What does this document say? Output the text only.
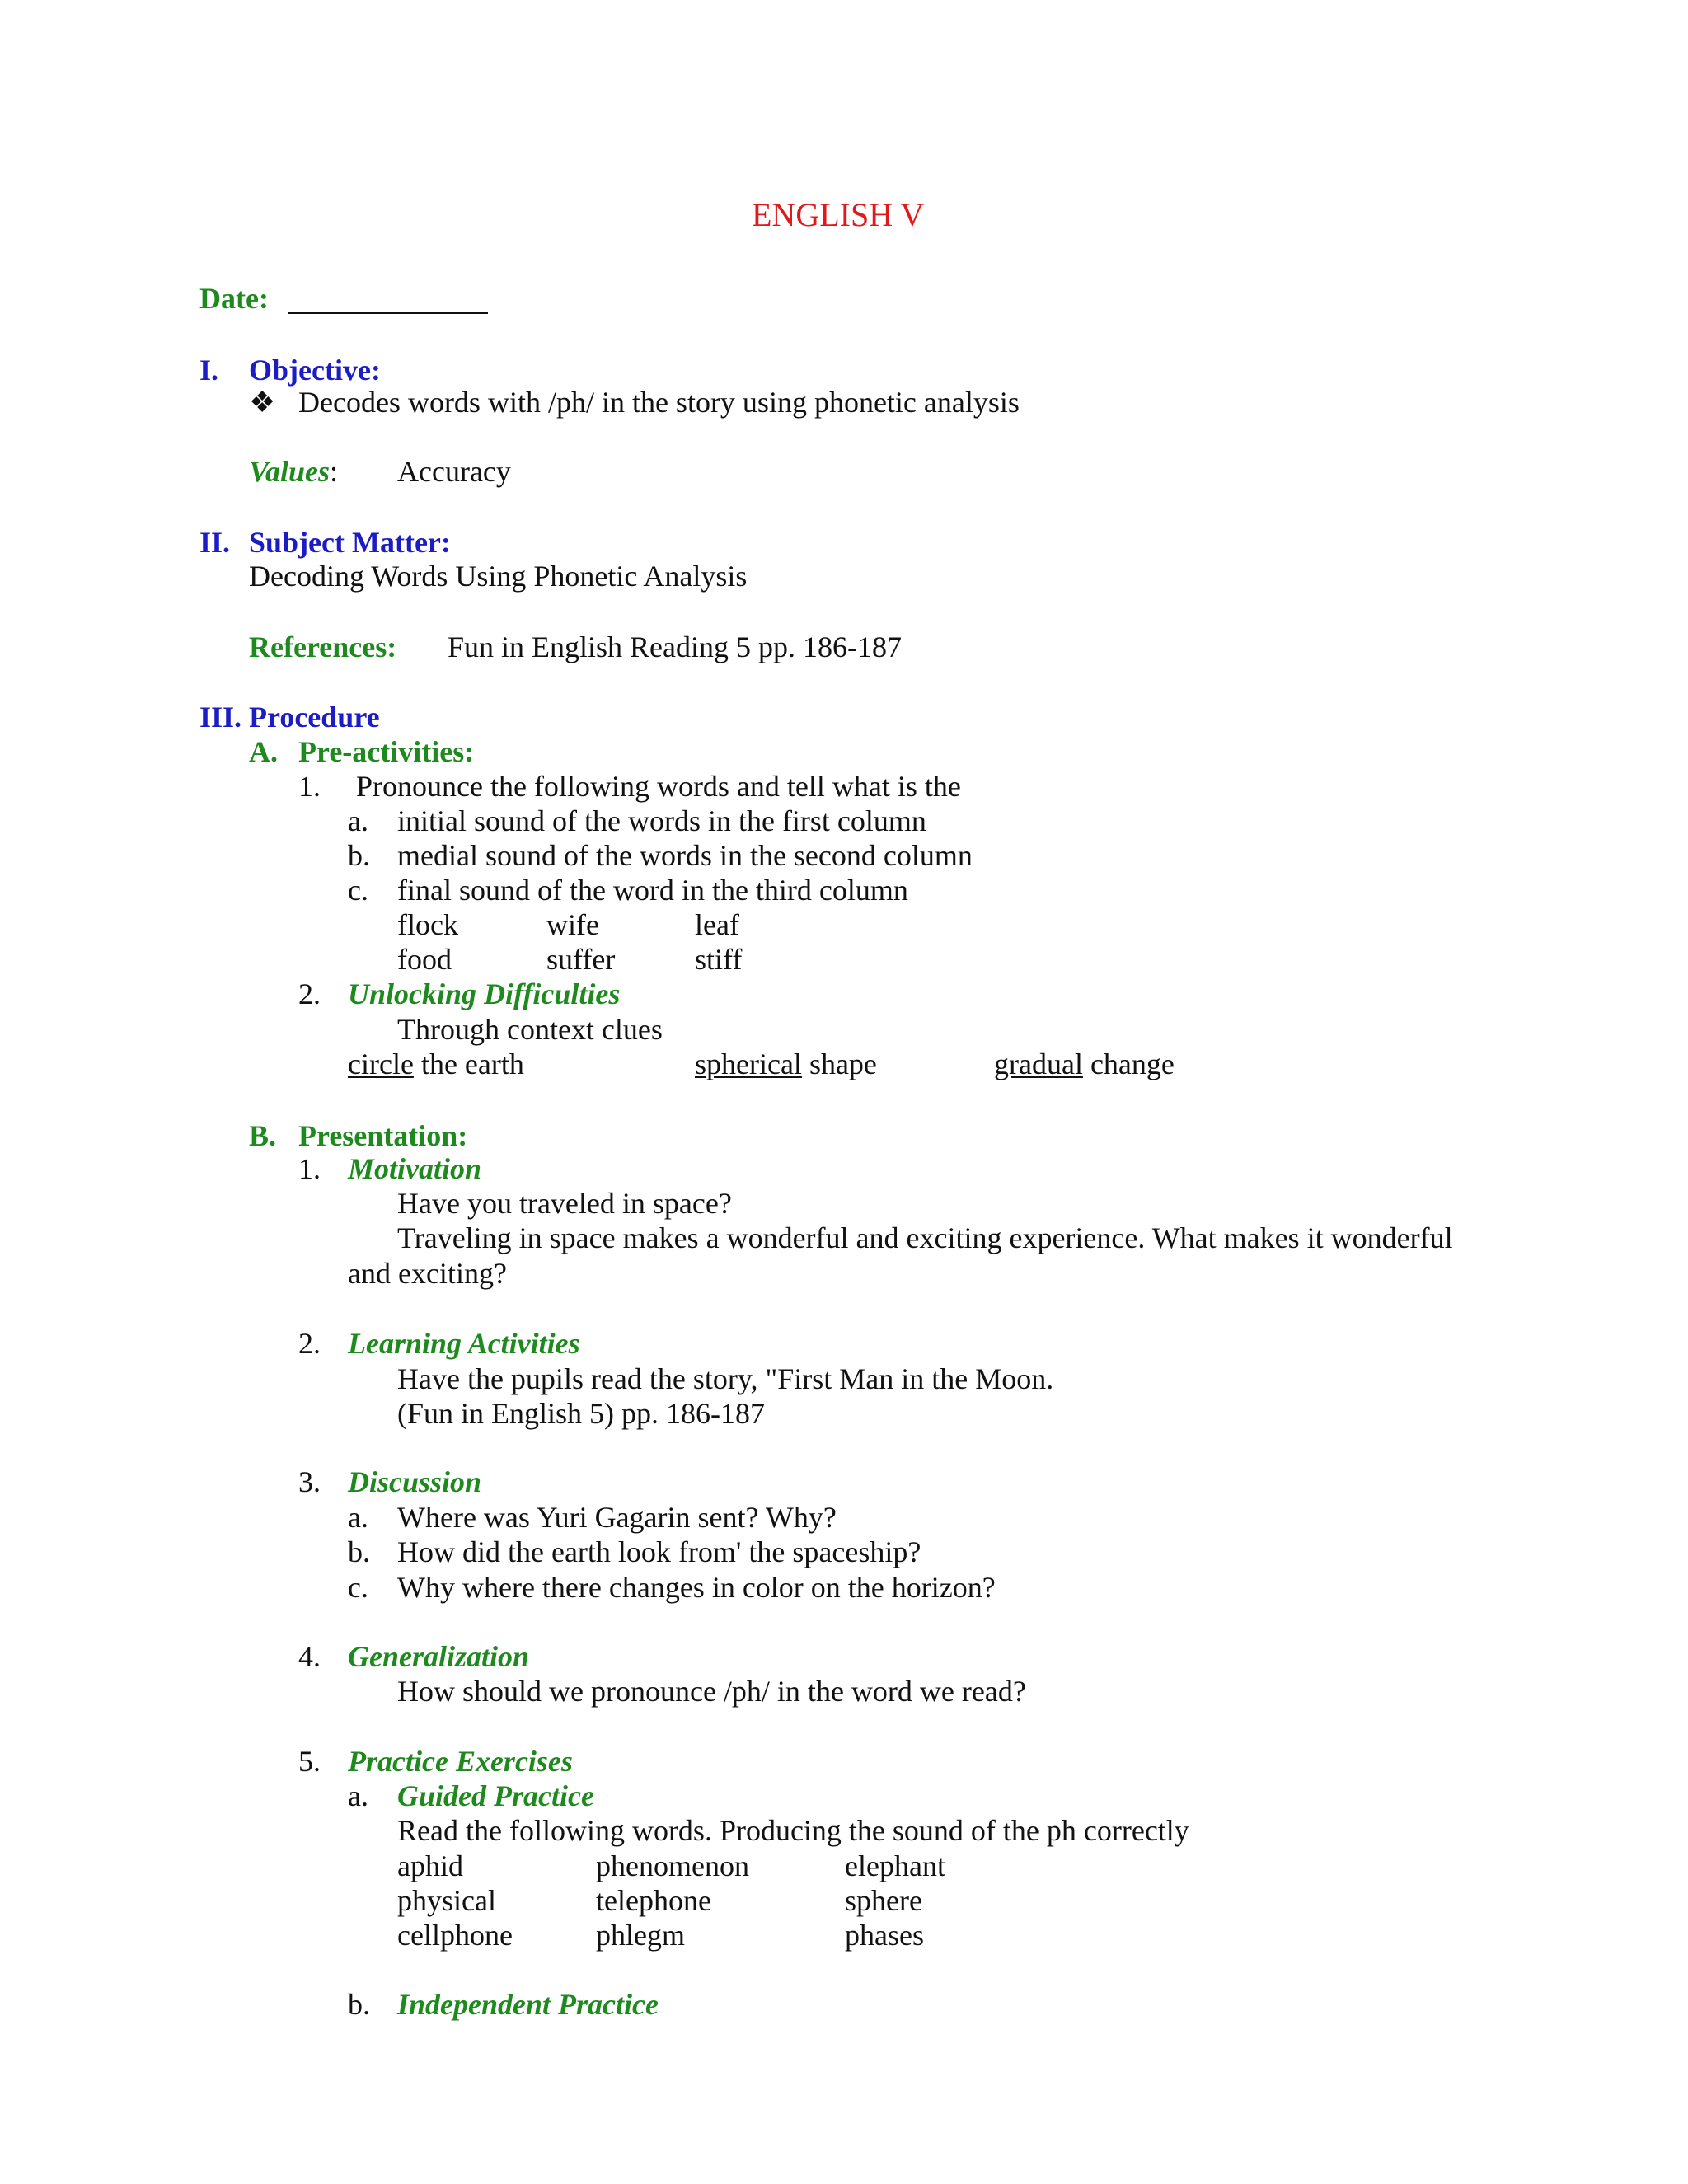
ENGLISH V
Date:
I. Objective:
❖ Decodes words with /ph/ in the story using phonetic analysis
Values: Accuracy
II. Subject Matter:
Decoding Words Using Phonetic Analysis
References: Fun in English Reading 5 pp. 186-187
III. Procedure
A. Pre-activities:
1. Pronounce the following words and tell what is the
a. initial sound of the words in the first column
b. medial sound of the words in the second column
c. final sound of the word in the third column
flock	wife	leaf
food	suffer	stiff
2. Unlocking Difficulties
Through context clues
circle the earth	spherical shape	gradual change
B. Presentation:
1. Motivation
Have you traveled in space?
Traveling in space makes a wonderful and exciting experience. What makes it wonderful
and exciting?
2. Learning Activities
Have the pupils read the story, "First Man in the Moon.
(Fun in English 5) pp. 186-187
3. Discussion
a. Where was Yuri Gagarin sent? Why?
b. How did the earth look from' the spaceship?
c. Why where there changes in color on the horizon?
4. Generalization
How should we pronounce /ph/ in the word we read?
5. Practice Exercises
a. Guided Practice
Read the following words. Producing the sound of the ph correctly
aphid	phenomenon	elephant
physical	telephone	sphere
cellphone	phlegm	phases
b. Independent Practice
